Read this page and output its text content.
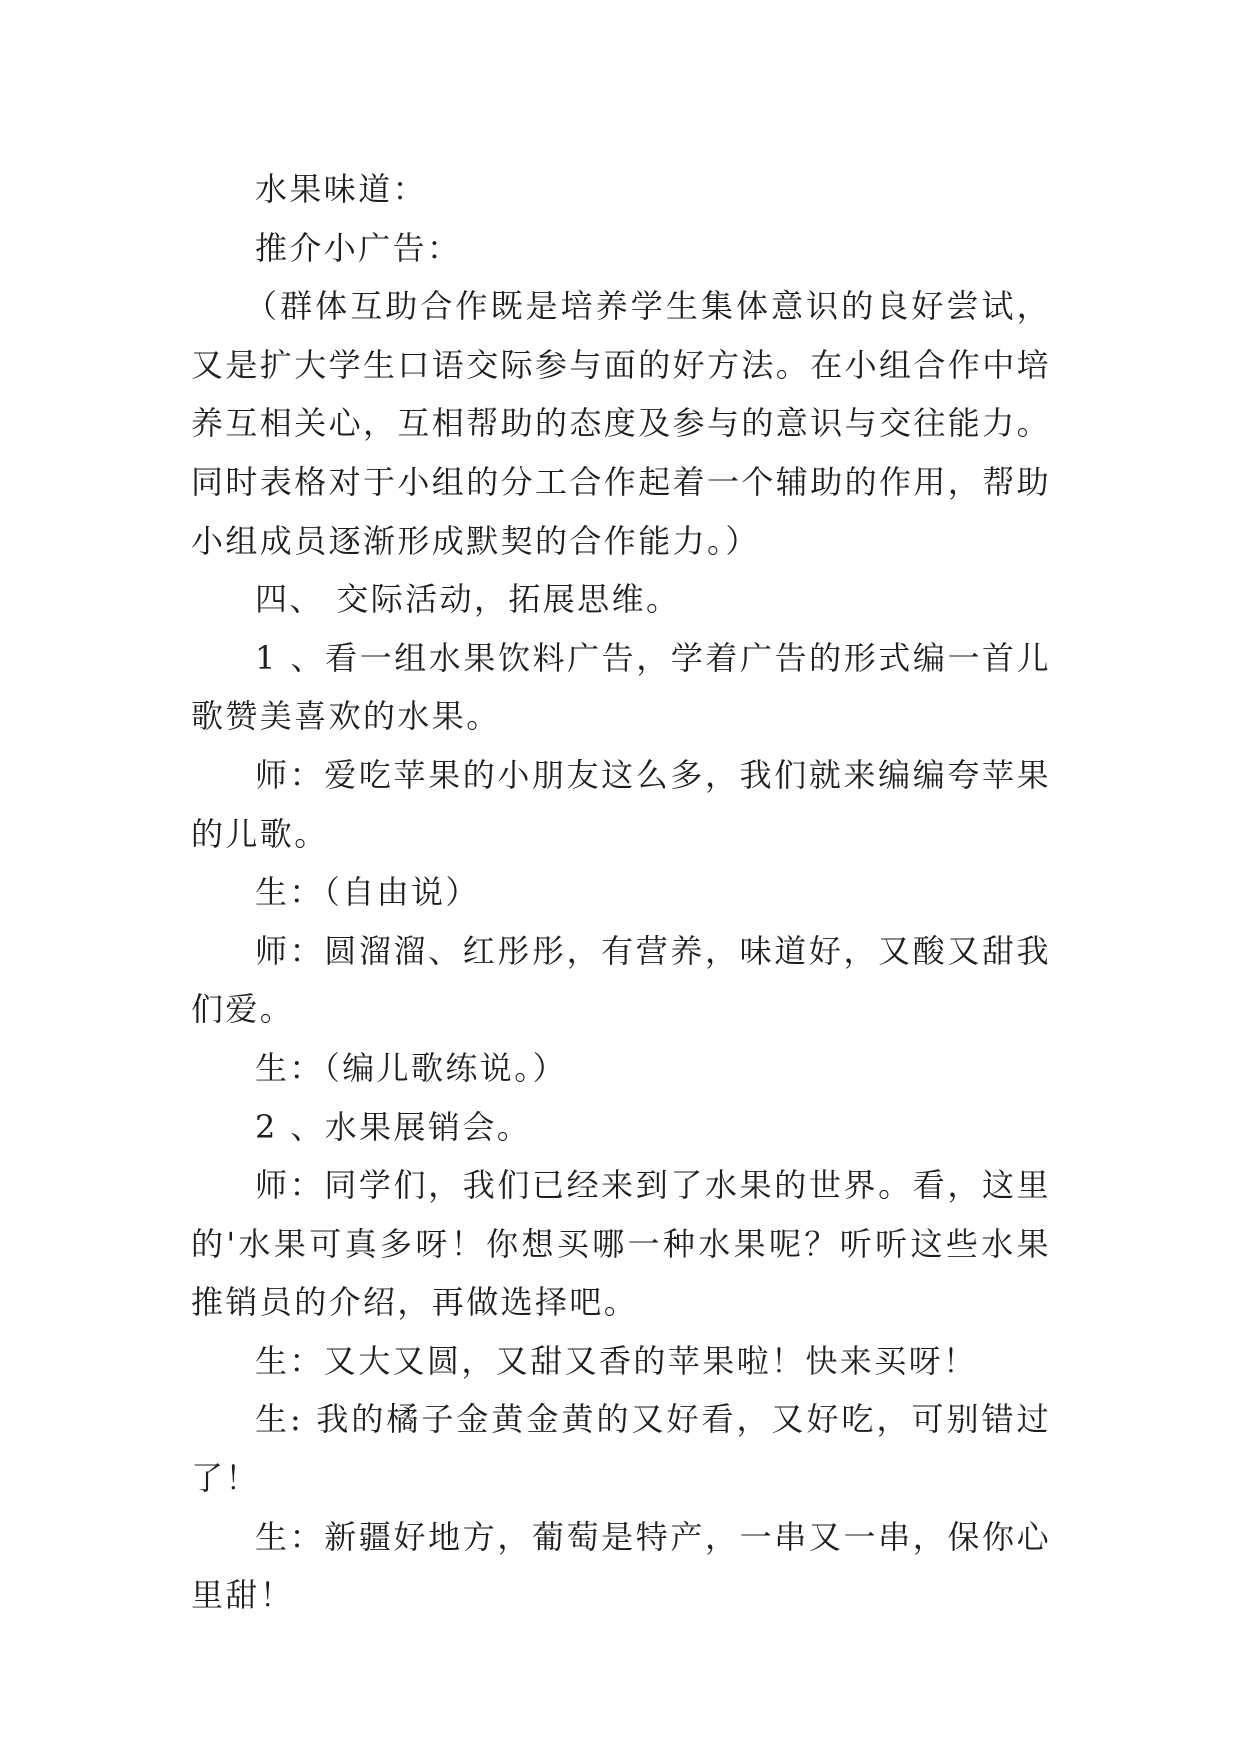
水果味道：

推介小广告：

（群体互助合作既是培养学生集体意识的良好尝试，又是扩大学生口语交际参与面的好方法。在小组合作中培养互相关心，互相帮助的态度及参与的意识与交往能力。同时表格对于小组的分工合作起着一个辅助的作用，帮助小组成员逐渐形成默契的合作能力。）

四、 交际活动，拓展思维。

1 、看一组水果饮料广告，学着广告的形式编一首儿歌赞美喜欢的水果。

师：爱吃苹果的小朋友这么多，我们就来编编夸苹果的儿歌。

生：（自由说）

师：圆溜溜、红彤彤，有营养，味道好，又酸又甜我们爱。

生：（编儿歌练说。）

2 、水果展销会。

师：同学们，我们已经来到了水果的世界。看，这里的'水果可真多呀！你想买哪一种水果呢？听听这些水果推销员的介绍，再做选择吧。

生：又大又圆，又甜又香的苹果啦！快来买呀！

生: 我的橘子金黄金黄的又好看，又好吃，可别错过了！

生：新疆好地方，葡萄是特产，一串又一串，保你心里甜！
